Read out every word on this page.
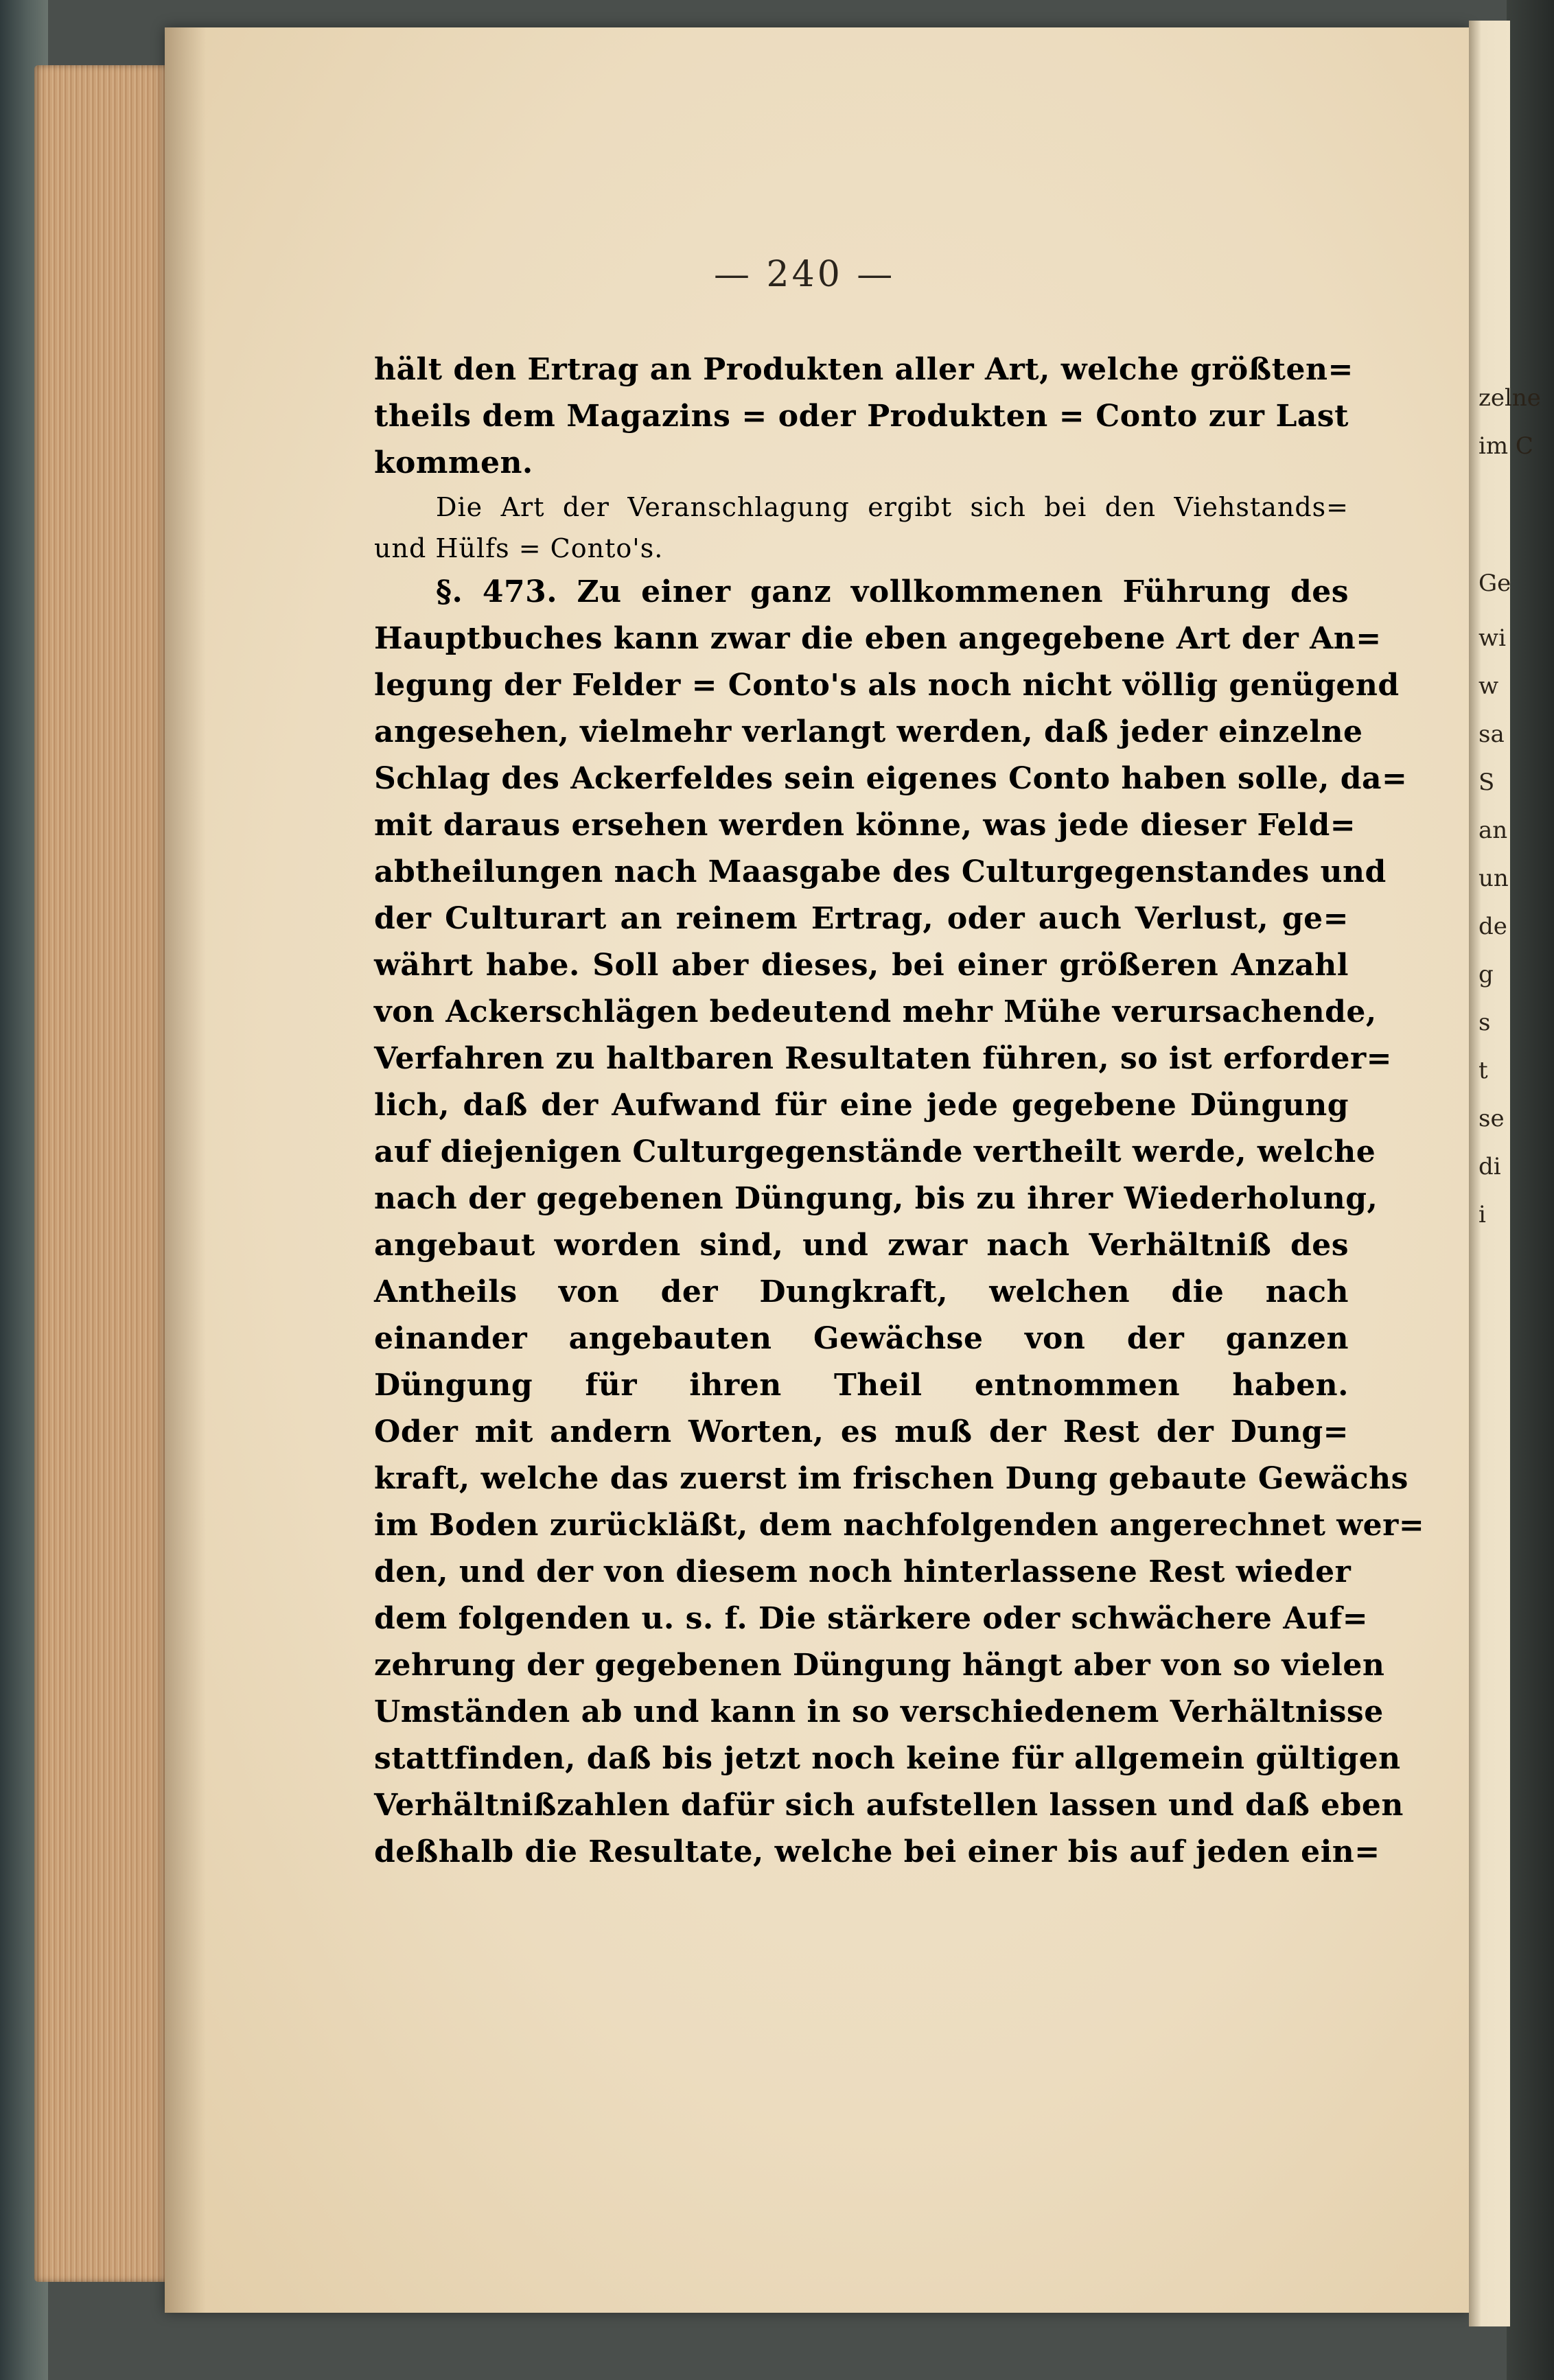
zelne
im C
Ge
wi
w
sa
S
an
un
de
g
s
t
se
di
i
— 240 —
hält den Ertrag an Produkten aller Art, welche größten=
theils dem Magazins = oder Produkten = Conto zur Last
kommen.
Die Art der Veranschlagung ergibt sich bei den Viehstands=
und Hülfs = Conto's.
§. 473. Zu einer ganz vollkommenen Führung des
Hauptbuches kann zwar die eben angegebene Art der An=
legung der Felder = Conto's als noch nicht völlig genügend
angesehen, vielmehr verlangt werden, daß jeder einzelne
Schlag des Ackerfeldes sein eigenes Conto haben solle, da=
mit daraus ersehen werden könne, was jede dieser Feld=
abtheilungen nach Maasgabe des Culturgegenstandes und
der Culturart an reinem Ertrag, oder auch Verlust, ge=
währt habe. Soll aber dieses, bei einer größeren Anzahl
von Ackerschlägen bedeutend mehr Mühe verursachende,
Verfahren zu haltbaren Resultaten führen, so ist erforder=
lich, daß der Aufwand für eine jede gegebene Düngung
auf diejenigen Culturgegenstände vertheilt werde, welche
nach der gegebenen Düngung, bis zu ihrer Wiederholung,
angebaut worden sind, und zwar nach Verhältniß des
Antheils von der Dungkraft, welchen die nach
einander angebauten Gewächse von der ganzen
Düngung für ihren Theil entnommen haben.
Oder mit andern Worten, es muß der Rest der Dung=
kraft, welche das zuerst im frischen Dung gebaute Gewächs
im Boden zurückläßt, dem nachfolgenden angerechnet wer=
den, und der von diesem noch hinterlassene Rest wieder
dem folgenden u. s. f. Die stärkere oder schwächere Auf=
zehrung der gegebenen Düngung hängt aber von so vielen
Umständen ab und kann in so verschiedenem Verhältnisse
stattfinden, daß bis jetzt noch keine für allgemein gültigen
Verhältnißzahlen dafür sich aufstellen lassen und daß eben
deßhalb die Resultate, welche bei einer bis auf jeden ein=
